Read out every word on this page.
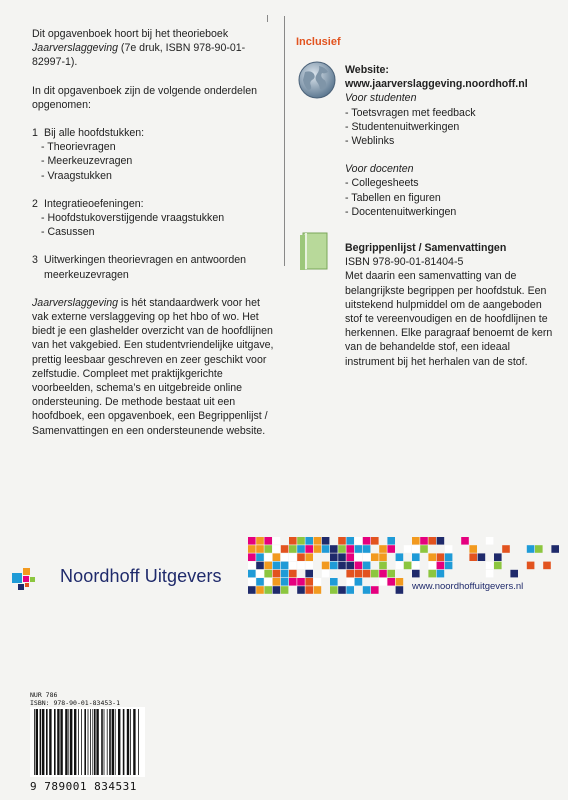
Dit opgavenboek hoort bij het theorieboek
Jaarverslaggeving (7e druk, ISBN 978-90-01-82997-1).

In dit opgavenboek zijn de volgende onderdelen opgenomen:

1 Bij alle hoofdstukken:

- Theorievragen

- Meerkeuzevragen

- Vraagstukken

2 Integratieoefeningen:

- Hoofdstukoverstijgende vraagstukken

- Casussen

3 Uitwerkingen theorievragen en antwoorden meerkeuzevragen

Jaarverslaggeving is hét standaardwerk voor het vak externe verslaggeving op het hbo of wo. Het biedt je een glashelder overzicht van de hoofdlijnen van het vakgebied. Een studentvriendelijke uitgave, prettig leesbaar geschreven en zeer geschikt voor zelfstudie. Compleet met praktijkgerichte voorbeelden, schema’s en uitgebreide online ondersteuning. De methode bestaat uit een hoofdboek, een opgavenboek, een Begrippenlijst / Samenvattingen en een ondersteunende website.

Inclusief

Website:

www.jaarverslaggeving.noordhoff.nl

Voor studenten

- Toetsvragen met feedback

- Studentenuitwerkingen

- Weblinks

Voor docenten

- Collegesheets

- Tabellen en figuren

- Docentenuitwerkingen

Begrippenlijst / Samenvattingen

ISBN 978-90-01-81404-5

Met daarin een samenvatting van de belangrijkste begrippen per hoofdstuk. Een uitstekend hulpmiddel om de aangeboden stof te vereenvoudigen en de hoofdlijnen te herkennen. Elke paragraaf benoemt de kern van de behandelde stof, een ideaal instrument bij het herhalen van de stof.

Noordhoff Uitgevers
www.noordhoffuitgevers.nl
NUR 786
ISBN: 978-90-01-83453-1
9 789001 834531
